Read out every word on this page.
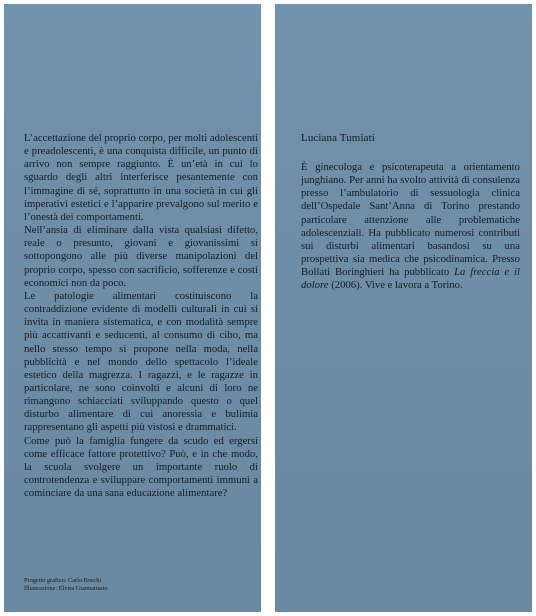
L’accettazione del proprio corpo, per molti adolescenti e preadolescenti, è una conquista difficile, un punto di arrivo non sempre raggiunto. È un’età in cui lo sguardo degli altri interferisce pesantemente con l’immagine di sé, soprattutto in una società in cui gli imperativi estetici e l’apparire prevalgono sul merito e l’onestà dei comportamenti.

Nell’ansia di eliminare dalla vista qualsiasi difetto, reale o presunto, giovani e giovanissimi si sottopongono alle più diverse manipolazioni del proprio corpo, spesso con sacrificio, sofferenze e costi economici non da poco.

Le patologie alimentari costituiscono la contraddizione evidente di modelli culturali in cui si invita in maniera sistematica, e con modalità sempre più accattivanti e seducenti, al consumo di cibo, ma nello stesso tempo si propone nella moda, nella pubblicità e nel mondo dello spettacolo l’ideale estetico della magrezza. I ragazzi, e le ragazze in particolare, ne sono coinvolti e alcuni di loro ne rimangono schiacciati sviluppando questo o quel disturbo alimentare di cui anoressia e bulimia rappresentano gli aspetti più vistosi e drammatici.

Come può la famiglia fungere da scudo ed ergersi come efficace fattore protettivo? Può, e in che modo, la scuola svolgere un importante ruolo di controtendenza e sviluppare comportamenti immuni a cominciare da una sana educazione alimentare?

Progetto grafico: Carlo Boschi
Illustrazione: Elvira Giannattasio
Luciana Tumiati

È ginecologa e psicoterapeuta a orientamento junghiano. Per anni ha svolto attività di consulenza presso l’ambulatorio di sessuologia clinica dell’Ospedale Sant’Anna di Torino prestando particolare attenzione alle problematiche adolescenziali. Ha pubblicato numerosi contributi sui disturbi alimentari basandosi su una prospettiva sia medica che psicodinamica. Presso Bollati Boringhieri ha pubblicato La freccia e il dolore (2006). Vive e lavora a Torino.
